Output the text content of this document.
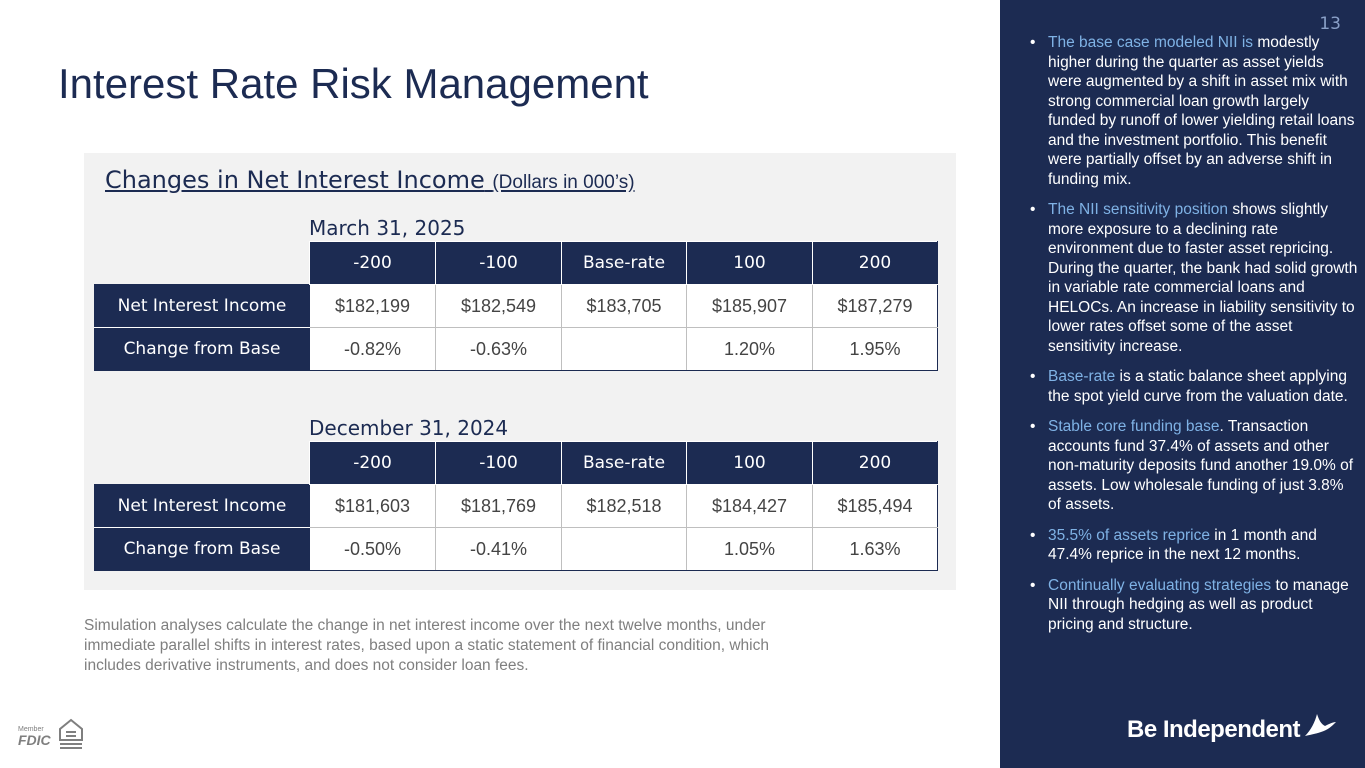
Interest Rate Risk Management
Changes in Net Interest Income (Dollars in 000’s)
March 31, 2025
	-200	-100	Base-rate	100	200
Net Interest Income	$182,199	$182,549	$183,705	$185,907	$187,279
Change from Base	-0.82%	-0.63%		1.20%	1.95%
December 31, 2024
	-200	-100	Base-rate	100	200
Net Interest Income	$181,603	$181,769	$182,518	$184,427	$185,494
Change from Base	-0.50%	-0.41%		1.05%	1.63%
Simulation analyses calculate the change in net interest income over the next twelve months, under immediate parallel shifts in interest rates, based upon a static statement of financial condition, which includes derivative instruments, and does not consider loan fees.
Member
FDIC
13
• The base case modeled NII is modestly higher during the quarter as asset yields were augmented by a shift in asset mix with strong commercial loan growth largely funded by runoff of lower yielding retail loans and the investment portfolio. This benefit were partially offset by an adverse shift in funding mix.
• The NII sensitivity position shows slightly more exposure to a declining rate environment due to faster asset repricing. During the quarter, the bank had solid growth in variable rate commercial loans and HELOCs. An increase in liability sensitivity to lower rates offset some of the asset sensitivity increase.
• Base-rate is a static balance sheet applying the spot yield curve from the valuation date.
• Stable core funding base. Transaction accounts fund 37.4% of assets and other non-maturity deposits fund another 19.0% of assets. Low wholesale funding of just 3.8% of assets.
• 35.5% of assets reprice in 1 month and 47.4% reprice in the next 12 months.
• Continually evaluating strategies to manage NII through hedging as well as product pricing and structure.
Be Independent
